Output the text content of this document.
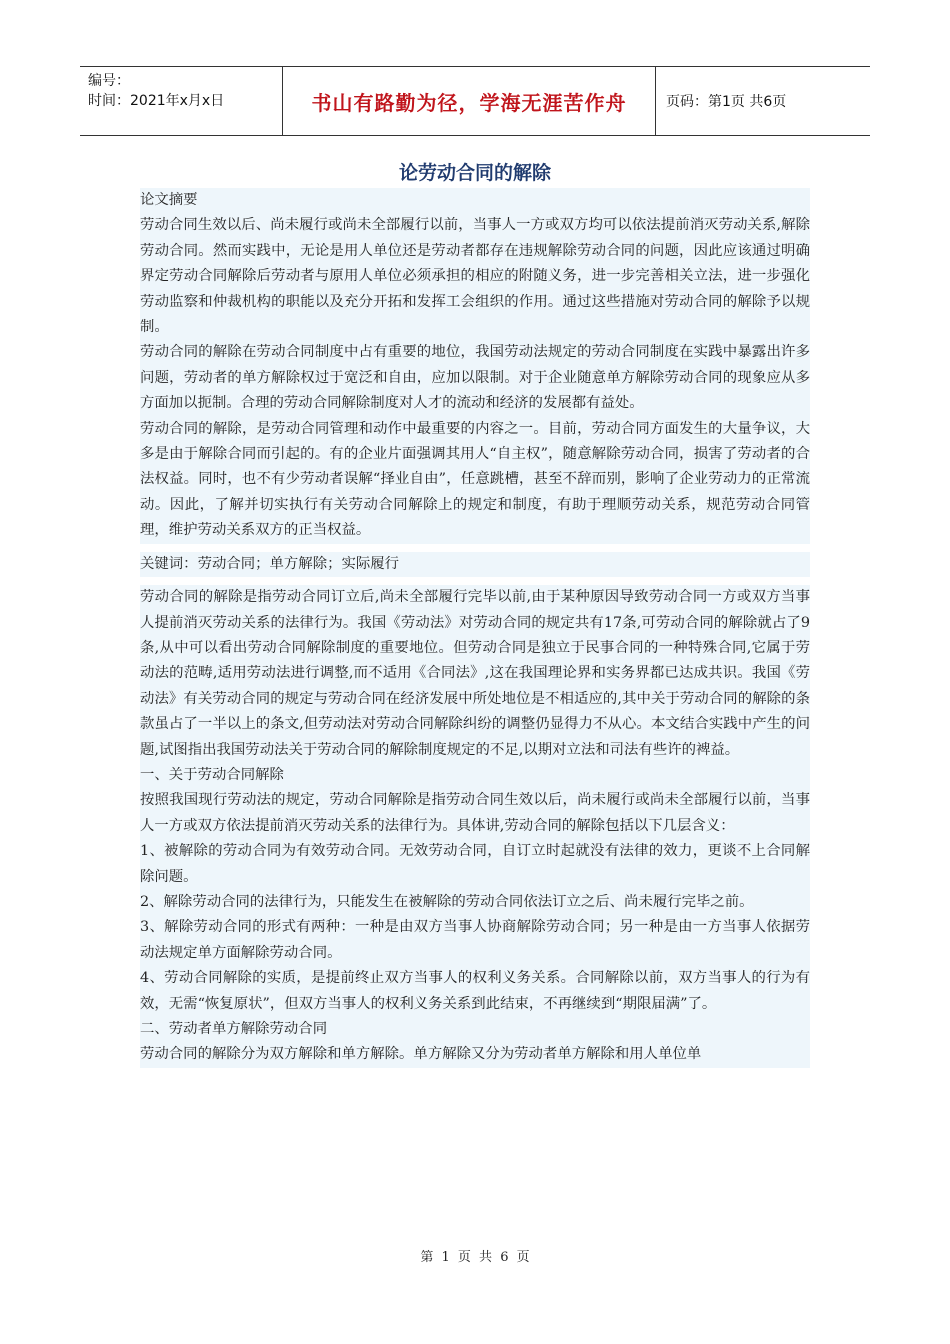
编号：
时间：2021年x月x日	书山有路勤为径，学海无涯苦作舟	页码：第1页 共6页
论劳动合同的解除

论文摘要

劳动合同生效以后、尚未履行或尚未全部履行以前，当事人一方或双方均可以依法提前消灭劳动关系,解除劳动合同。然而实践中，无论是用人单位还是劳动者都存在违规解除劳动合同的问题，因此应该通过明确界定劳动合同解除后劳动者与原用人单位必须承担的相应的附随义务，进一步完善相关立法，进一步强化劳动监察和仲裁机构的职能以及充分开拓和发挥工会组织的作用。通过这些措施对劳动合同的解除予以规制。

劳动合同的解除在劳动合同制度中占有重要的地位，我国劳动法规定的劳动合同制度在实践中暴露出许多问题，劳动者的单方解除权过于宽泛和自由，应加以限制。对于企业随意单方解除劳动合同的现象应从多方面加以扼制。合理的劳动合同解除制度对人才的流动和经济的发展都有益处。

劳动合同的解除，是劳动合同管理和动作中最重要的内容之一。目前，劳动合同方面发生的大量争议，大多是由于解除合同而引起的。有的企业片面强调其用人“自主权”，随意解除劳动合同，损害了劳动者的合法权益。同时，也不有少劳动者误解“择业自由”，任意跳槽，甚至不辞而别，影响了企业劳动力的正常流动。因此，了解并切实执行有关劳动合同解除上的规定和制度，有助于理顺劳动关系，规范劳动合同管理，维护劳动关系双方的正当权益。

关键词：劳动合同；单方解除；实际履行

劳动合同的解除是指劳动合同订立后,尚未全部履行完毕以前,由于某种原因导致劳动合同一方或双方当事人提前消灭劳动关系的法律行为。我国《劳动法》对劳动合同的规定共有17条,可劳动合同的解除就占了9条,从中可以看出劳动合同解除制度的重要地位。但劳动合同是独立于民事合同的一种特殊合同,它属于劳动法的范畴,适用劳动法进行调整,而不适用《合同法》,这在我国理论界和实务界都已达成共识。我国《劳动法》有关劳动合同的规定与劳动合同在经济发展中所处地位是不相适应的,其中关于劳动合同的解除的条款虽占了一半以上的条文,但劳动法对劳动合同解除纠纷的调整仍显得力不从心。本文结合实践中产生的问题,试图指出我国劳动法关于劳动合同的解除制度规定的不足,以期对立法和司法有些许的裨益。

一、关于劳动合同解除

按照我国现行劳动法的规定，劳动合同解除是指劳动合同生效以后，尚未履行或尚未全部履行以前，当事人一方或双方依法提前消灭劳动关系的法律行为。具体讲,劳动合同的解除包括以下几层含义：

1、被解除的劳动合同为有效劳动合同。无效劳动合同，自订立时起就没有法律的效力，更谈不上合同解除问题。

2、解除劳动合同的法律行为，只能发生在被解除的劳动合同依法订立之后、尚未履行完毕之前。

3、解除劳动合同的形式有两种：一种是由双方当事人协商解除劳动合同；另一种是由一方当事人依据劳动法规定单方面解除劳动合同。

4、劳动合同解除的实质，是提前终止双方当事人的权利义务关系。合同解除以前，双方当事人的行为有效，无需“恢复原状”，但双方当事人的权利义务关系到此结束，不再继续到“期限届满”了。

二、劳动者单方解除劳动合同

劳动合同的解除分为双方解除和单方解除。单方解除又分为劳动者单方解除和用人单位单

第 1 页 共 6 页
